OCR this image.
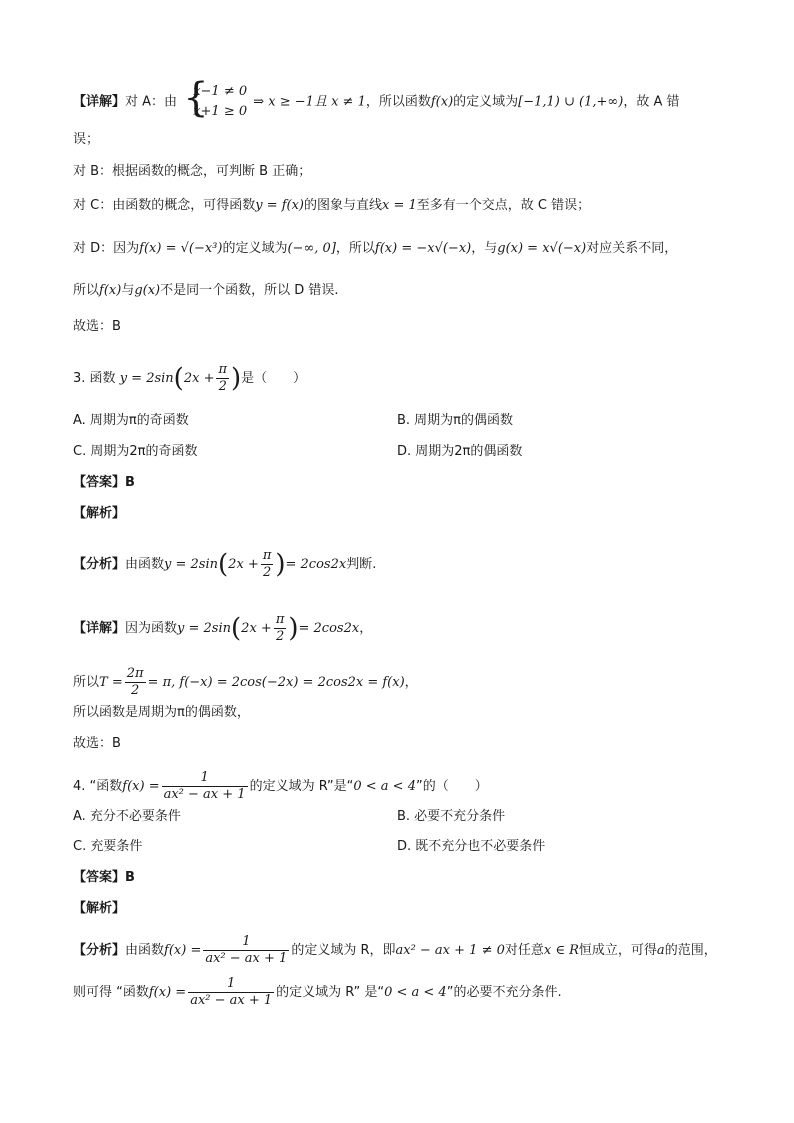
【详解】对 A：由 {
x−1 ≠ 0
x+1 ≥ 0
⇒ x ≥ −1且 x ≠ 1，所以函数f(x)的定义域为[−1,1) ∪ (1,+∞)，故 A 错
误；
对 B：根据函数的概念，可判断 B 正确；
对 C：由函数的概念，可得函数y = f(x)的图象与直线x = 1至多有一个交点，故 C 错误；
对 D：因为f(x) = √(−x³)的定义域为(−∞, 0]，所以f(x) = −x√(−x)，与g(x) = x√(−x)对应关系不同，
所以f(x)与g(x)不是同一个函数，所以 D 错误.
故选：B
3. 函数 $y = 2\sin(2x + \frac{\pi}{2}$ )是（　　）
A. 周期为π的奇函数	B. 周期为π的偶函数
C. 周期为2π的奇函数	D. 周期为2π的偶函数
【答案】B
【解析】
【分析】由函数$y = 2\sin(2x + \frac{\pi}{2}$ )= 2cos2x判断.
【详解】因为函数$y = 2\sin(2x + \frac{\pi}{2}$ )= 2cos2x，
所以$T = \frac{2\pi}{2} = \pi$, f(−x) = 2cos(−2x) = 2cos2x = f(x)，
所以函数是周期为π的偶函数，
故选：B
4. “函数$f(x) = \frac{1}{\text{ax² − ax + 1}}$ 的定义域为 R”是“0 < a < 4”的（　　）
A. 充分不必要条件	B. 必要不充分条件
C. 充要条件	D. 既不充分也不必要条件
【答案】B
【解析】
【分析】由函数$f(x) = \frac{1}{\text{ax² − ax + 1}}$ 的定义域为 R，即ax² − ax + 1 ≠ 0对任意x ∈ R恒成立，可得a的范围，
则可得 “函数$f(x) = \frac{1}{\text{ax² − ax + 1}}$ 的定义域为 R” 是“0 < a < 4”的必要不充分条件.
